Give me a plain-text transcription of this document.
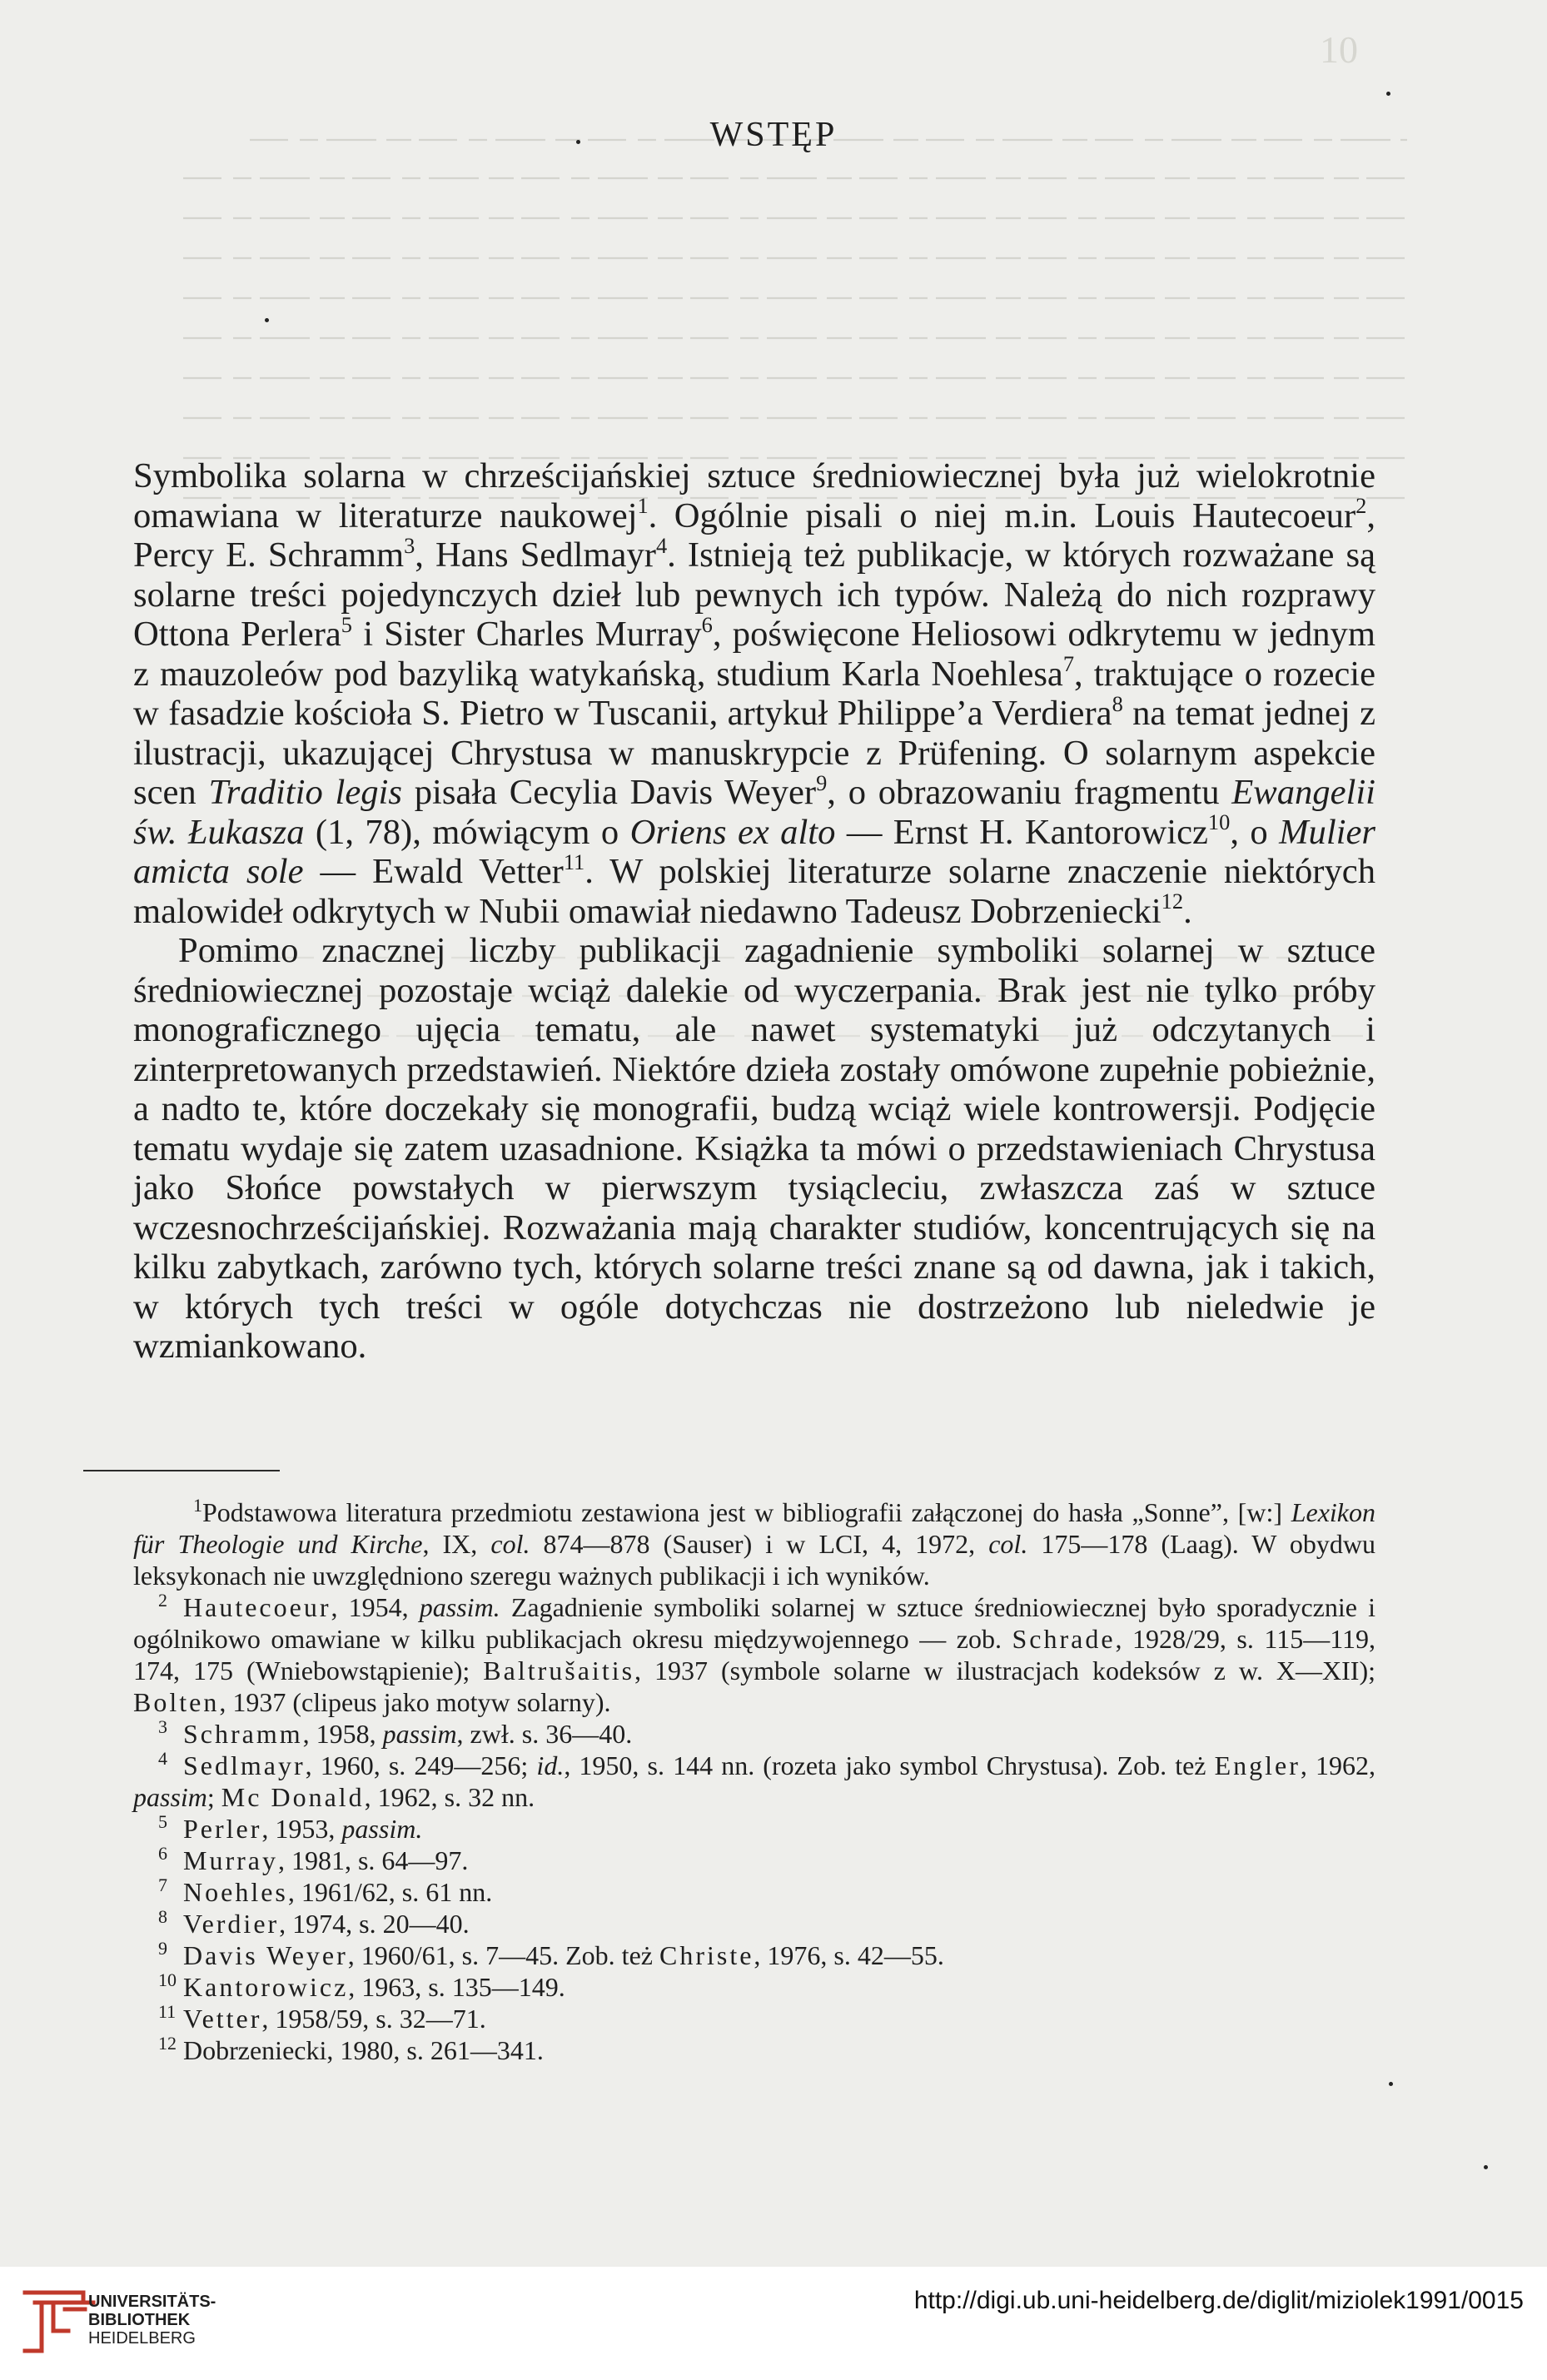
10
WSTĘP

Symbolika solarna w chrześcijańskiej sztuce średniowiecznej była już wielokrotnie omawiana w literaturze naukowej$^1$. Ogólnie pisali o niej m.in. Louis Hautecoeur$^2$, Percy E. Schramm$^3$, Hans Sedlmayr$^4$. Istnieją też publikacje, w których rozważane są solarne treści pojedynczych dzieł lub pewnych ich typów. Należą do nich rozprawy Ottona Perlera$^5$ i Sister Charles Murray$^6$, poświęcone Heliosowi odkrytemu w jednym z mauzoleów pod bazyliką watykańską, studium Karla Noehlesa$^7$, traktujące o rozecie w fasadzie kościoła S. Pietro w Tuscanii, artykuł Philippe’a Verdiera$^8$ na temat jednej z ilustracji, ukazującej Chrystusa w manuskrypcie z Prüfening. O solarnym aspekcie scen Traditio legis pisała Cecylia Davis Weyer$^9$, o obrazowaniu fragmentu Ewangelii św. Łukasza (1, 78), mówiącym o Oriens ex alto — Ernst H. Kantorowicz$^{10}$, o Mulier amicta sole — Ewald Vetter$^{11}$. W polskiej literaturze solarne znaczenie niektórych malowideł odkrytych w Nubii omawiał niedawno Tadeusz Dobrzeniecki$^{12}$.

Pomimo znacznej liczby publikacji zagadnienie symboliki solarnej w sztuce średniowiecznej pozostaje wciąż dalekie od wyczerpania. Brak jest nie tylko próby monograficznego ujęcia tematu, ale nawet systematyki już odczytanych i zinterpretowanych przedstawień. Niektóre dzieła zostały omówone zupełnie pobieżnie, a nadto te, które doczekały się monografii, budzą wciąż wiele kontrowersji. Podjęcie tematu wydaje się zatem uzasadnione. Książka ta mówi o przedstawieniach Chrystusa jako Słońce powstałych w pierwszym tysiącleciu, zwłaszcza zaś w sztuce wczesnochrześcijańskiej. Rozważania mają charakter studiów, koncentrujących się na kilku zabytkach, zarówno tych, których solarne treści znane są od dawna, jak i takich, w których tych treści w ogóle dotychczas nie dostrzeżono lub nieledwie je wzmiankowano.

1Podstawowa literatura przedmiotu zestawiona jest w bibliografii załączonej do hasła „Sonne”, [w:] Lexikon für Theologie und Kirche, IX, col. 874—878 (Sauser) i w LCI, 4, 1972, col. 175—178 (Laag). W obydwu leksykonach nie uwzględniono szeregu ważnych publikacji i ich wyników.

2 Hautecoeur, 1954, passim. Zagadnienie symboliki solarnej w sztuce średniowiecznej było sporadycznie i ogólnikowo omawiane w kilku publikacjach okresu międzywojennego — zob. Schrade, 1928/29, s. 115—119, 174, 175 (Wniebowstąpienie); Baltrušaitis, 1937 (symbole solarne w ilustracjach kodeksów z w. X—XII); Bolten, 1937 (clipeus jako motyw solarny).

3 Schramm, 1958, passim, zwł. s. 36—40.

4 Sedlmayr, 1960, s. 249—256; id., 1950, s. 144 nn. (rozeta jako symbol Chrystusa). Zob. też Engler, 1962, passim; Mc Donald, 1962, s. 32 nn.

5 Perler, 1953, passim.

6 Murray, 1981, s. 64—97.

7 Noehles, 1961/62, s. 61 nn.

8 Verdier, 1974, s. 20—40.

9 Davis Weyer, 1960/61, s. 7—45. Zob. też Christe, 1976, s. 42—55.

10 Kantorowicz, 1963, s. 135—149.

11 Vetter, 1958/59, s. 32—71.

12 Dobrzeniecki, 1980, s. 261—341.

UNIVERSITÄTS-
BIBLIOTHEK
HEIDELBERG
http://digi.ub.uni-heidelberg.de/diglit/miziolek1991/0015
